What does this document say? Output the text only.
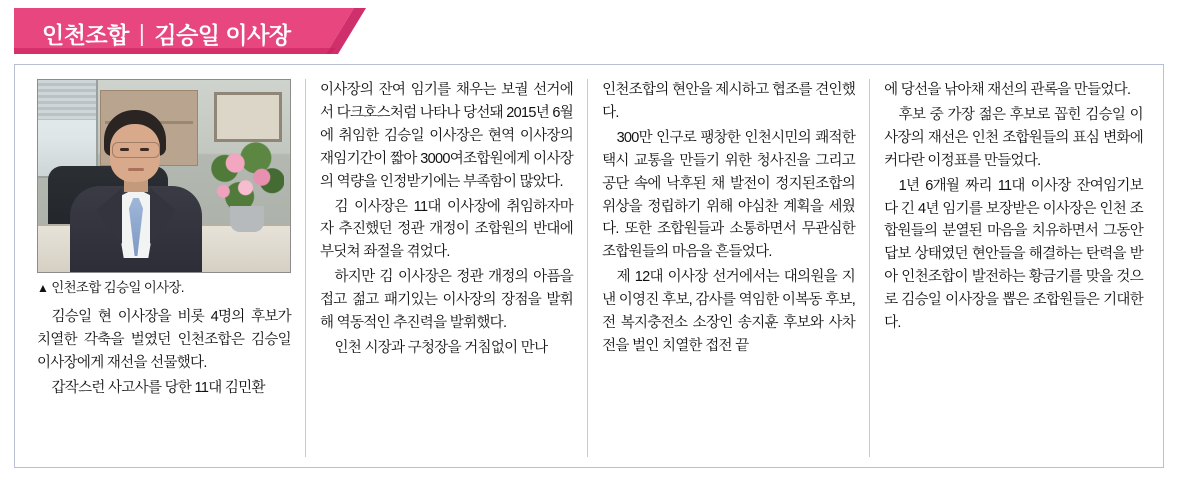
인천조합 | 김승일 이사장
▲ 인천조합 김승일 이사장.

김승일 현 이사장을 비롯 4명의 후보가 치열한 각축을 벌였던 인천조합은 김승일 이사장에게 재선을 선물했다.

갑작스런 사고사를 당한 11대 김민환

이사장의 잔여 임기를 채우는 보궐 선거에서 다크호스처럼 나타나 당선돼 2015년 6월에 취임한 김승일 이사장은 현역 이사장의 재임기간이 짧아 3000여조합원에게 이사장의 역량을 인정받기에는 부족함이 많았다.

김 이사장은 11대 이사장에 취임하자마자 추진했던 정관 개정이 조합원의 반대에 부딧쳐 좌절을 겪었다.

하지만 김 이사장은 정관 개정의 아픔을 접고 젊고 패기있는 이사장의 장점을 발휘해 역동적인 추진력을 발휘했다.

인천 시장과 구청장을 거침없이 만나

인천조합의 현안을 제시하고 협조를 견인했다.

300만 인구로 팽창한 인천시민의 쾌적한 택시 교통을 만들기 위한 청사진을 그리고 공단 속에 낙후된 채 발전이 정지된조합의 위상을 정립하기 위해 야심찬 계획을 세웠다. 또한 조합원들과 소통하면서 무관심한 조합원들의 마음을 흔들었다.

제 12대 이사장 선거에서는 대의원을 지낸 이영진 후보, 감사를 역임한 이복동 후보, 전 복지충전소 소장인 송지훈 후보와 사차전을 벌인 치열한 접전 끝

에 당선을 낚아채 재선의 관록을 만들었다.

후보 중 가장 젊은 후보로 꼽힌 김승일 이사장의 재선은 인천 조합원들의 표심 변화에 커다란 이정표를 만들었다.

1년 6개월 짜리 11대 이사장 잔여임기보다 긴 4년 임기를 보장받은 이사장은 인천 조합원들의 분열된 마음을 치유하면서 그동안 답보 상태였던 현안들을 해결하는 탄력을 받아 인천조합이 발전하는 황금기를 맞을 것으로 김승일 이사장을 뽑은 조합원들은 기대한다.
